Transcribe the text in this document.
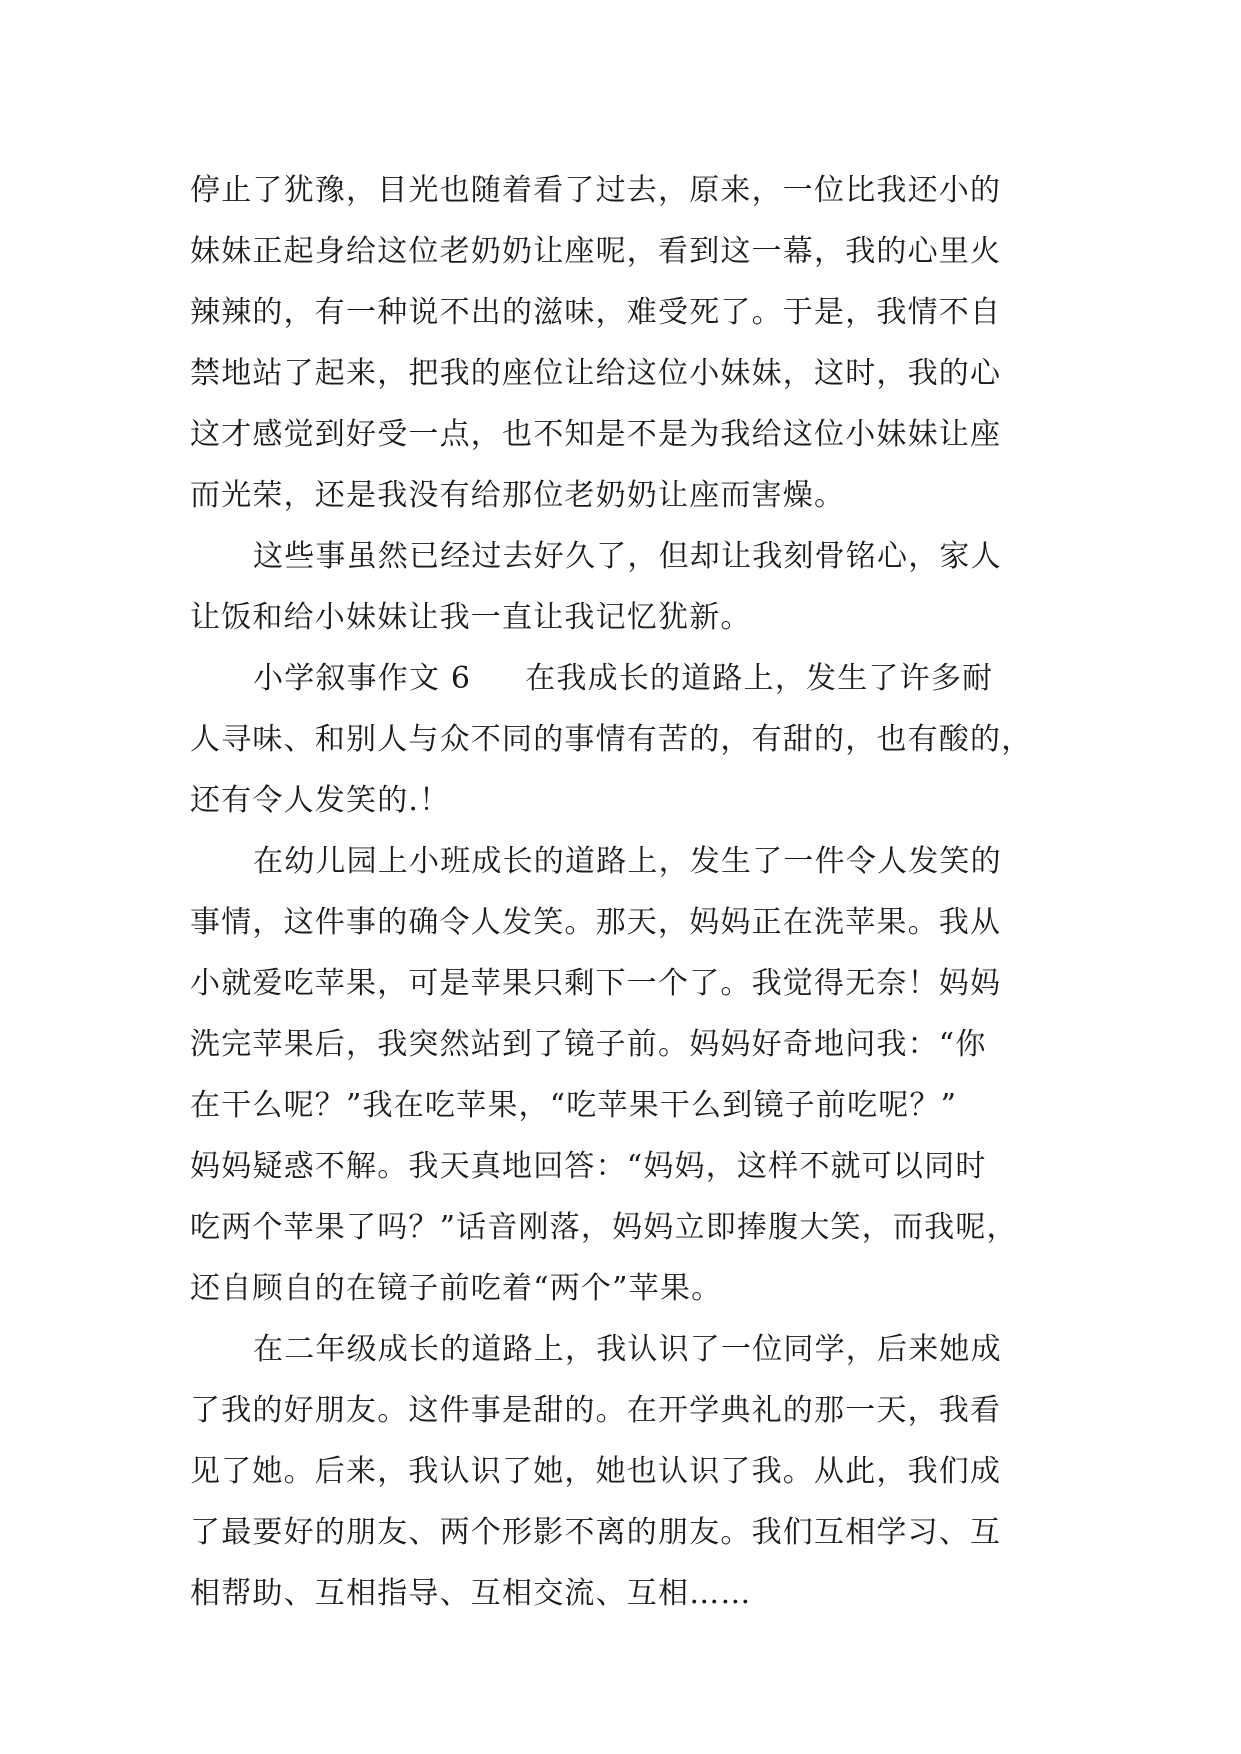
停止了犹豫，目光也随着看了过去，原来，一位比我还小的
妹妹正起身给这位老奶奶让座呢，看到这一幕，我的心里火
辣辣的，有一种说不出的滋味，难受死了。于是，我情不自
禁地站了起来，把我的座位让给这位小妹妹，这时，我的心
这才感觉到好受一点，也不知是不是为我给这位小妹妹让座
而光荣，还是我没有给那位老奶奶让座而害燥。
这些事虽然已经过去好久了，但却让我刻骨铭心，家人
让饭和给小妹妹让我一直让我记忆犹新。
小学叙事作文 6 在我成长的道路上，发生了许多耐
人寻味、和别人与众不同的事情有苦的，有甜的，也有酸的，
还有令人发笑的.！
在幼儿园上小班成长的道路上，发生了一件令人发笑的
事情，这件事的确令人发笑。那天，妈妈正在洗苹果。我从
小就爱吃苹果，可是苹果只剩下一个了。我觉得无奈！妈妈
洗完苹果后，我突然站到了镜子前。妈妈好奇地问我：“你
在干么呢？”我在吃苹果，“吃苹果干么到镜子前吃呢？”
妈妈疑惑不解。我天真地回答：“妈妈，这样不就可以同时
吃两个苹果了吗？”话音刚落，妈妈立即捧腹大笑，而我呢，
还自顾自的在镜子前吃着“两个”苹果。
在二年级成长的道路上，我认识了一位同学，后来她成
了我的好朋友。这件事是甜的。在开学典礼的那一天，我看
见了她。后来，我认识了她，她也认识了我。从此，我们成
了最要好的朋友、两个形影不离的朋友。我们互相学习、互
相帮助、互相指导、互相交流、互相……
